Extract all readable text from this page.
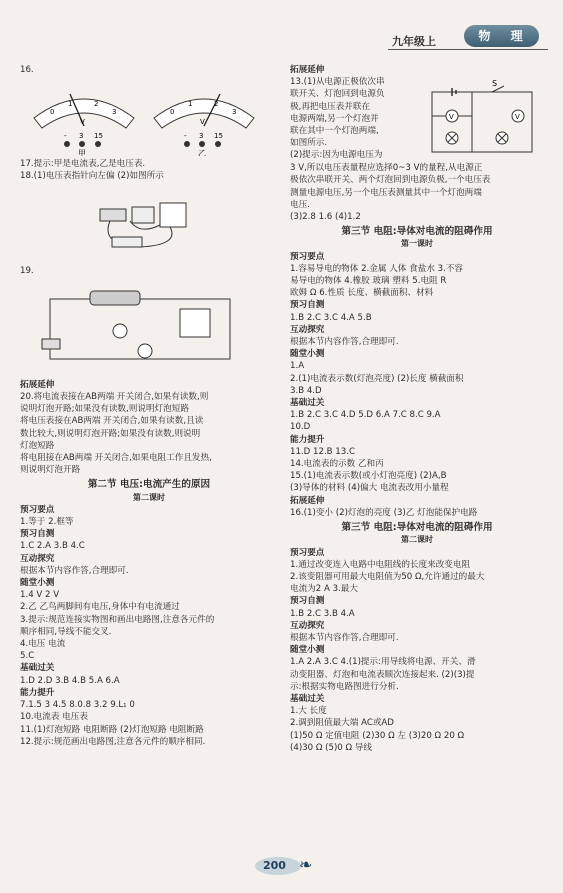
九年级上	物 理
16.
0
1	2
3
V
- 3 15
甲
0
1	2
3
V
- 3 15
乙
17.提示:甲是电流表,乙是电压表.
18.(1)电压表指针向左偏 (2)如图所示
19.
拓展延伸
20.将电流表接在AB两端 开关闭合,如果有读数,则
说明灯泡开路;如果没有读数,则说明灯泡短路
将电压表接在AB两端 开关闭合,如果有读数,且读
数比较大,则说明灯泡开路;如果没有读数,则说明
灯泡短路
将电阻接在AB两端 开关闭合,如果电阻工作且发热,
则说明灯泡开路
第二节 电压:电流产生的原因
第二课时
预习要点
1.等于 2.框等
预习自测
1.C 2.A 3.B 4.C
互动探究
根据本节内容作答,合理即可.
随堂小测
1.4 V 2 V
2.乙 乙鸟两脚间有电压,身体中有电流通过
3.提示:规范连接实物图和画出电路图,注意各元件的
顺序相同,导线不能交叉.
4.电压 电流
5.C
基础过关
1.D 2.D 3.B 4.B 5.A 6.A
能力提升
7.1.5 3 4.5 8.0.8 3.2 9.L₁ 0
10.电流表 电压表
11.(1)灯泡短路 电阻断路 (2)灯泡短路 电阻断路
12.提示:规范画出电路图,注意各元件的顺序相同.
拓展延伸
13.(1)从电源正极依次串
联开关、灯泡回到电源负
极,再把电压表并联在
电源两端,另一个灯泡并
联在其中一个灯泡两端,
如图所示.
(2)提示:因为电源电压为
S
V	V
3 V,所以电压表量程应选择0~3 V的量程,从电源正
极依次串联开关、两个灯泡回到电源负极,一个电压表
测量电源电压,另一个电压表测量其中一个灯泡两端
电压.
(3)2.8 1.6 (4)1.2
第三节 电阻:导体对电流的阻碍作用
第一课时
预习要点
1.容易导电的物体 2.金属 人体 食盐水 3.不容
易导电的物体 4.橡胶 玻璃 塑料 5.电阻 R
欧姆 Ω 6.性质 长度、横截面积、材料
预习自测
1.B 2.C 3.C 4.A 5.B
互动探究
根据本节内容作答,合理即可.
随堂小测
1.A
2.(1)电流表示数(灯泡亮度) (2)长度 横截面积
3.B 4.D
基础过关
1.B 2.C 3.C 4.D 5.D 6.A 7.C 8.C 9.A
10.D
能力提升
11.D 12.B 13.C
14.电流表的示数 乙和丙
15.(1)电流表示数(或小灯泡亮度) (2)A,B
(3)导体的材料 (4)偏大 电流表改用小量程
拓展延伸
16.(1)变小 (2)灯泡的亮度 (3)乙 灯泡能保护电路
第三节 电阻:导体对电流的阻碍作用
第二课时
预习要点
1.通过改变连入电路中电阻线的长度来改变电阻
2.该变阻器可用最大电阻值为50 Ω,允许通过的最大
电流为2 A 3.最大
预习自测
1.B 2.C 3.B 4.A
互动探究
根据本节内容作答,合理即可.
随堂小测
1.A 2.A 3.C 4.(1)提示:用导线将电源、开关、滑
动变阻器、灯泡和电流表顺次连接起来. (2)(3)提
示:根据实物电路图进行分析.
基础过关
1.大 长度
2.调到阻值最大端 AC或AD
(1)50 Ω 定值电阻 (2)30 Ω 左 (3)20 Ω 20 Ω
(4)30 Ω (5)0 Ω 导线
200 ❧
